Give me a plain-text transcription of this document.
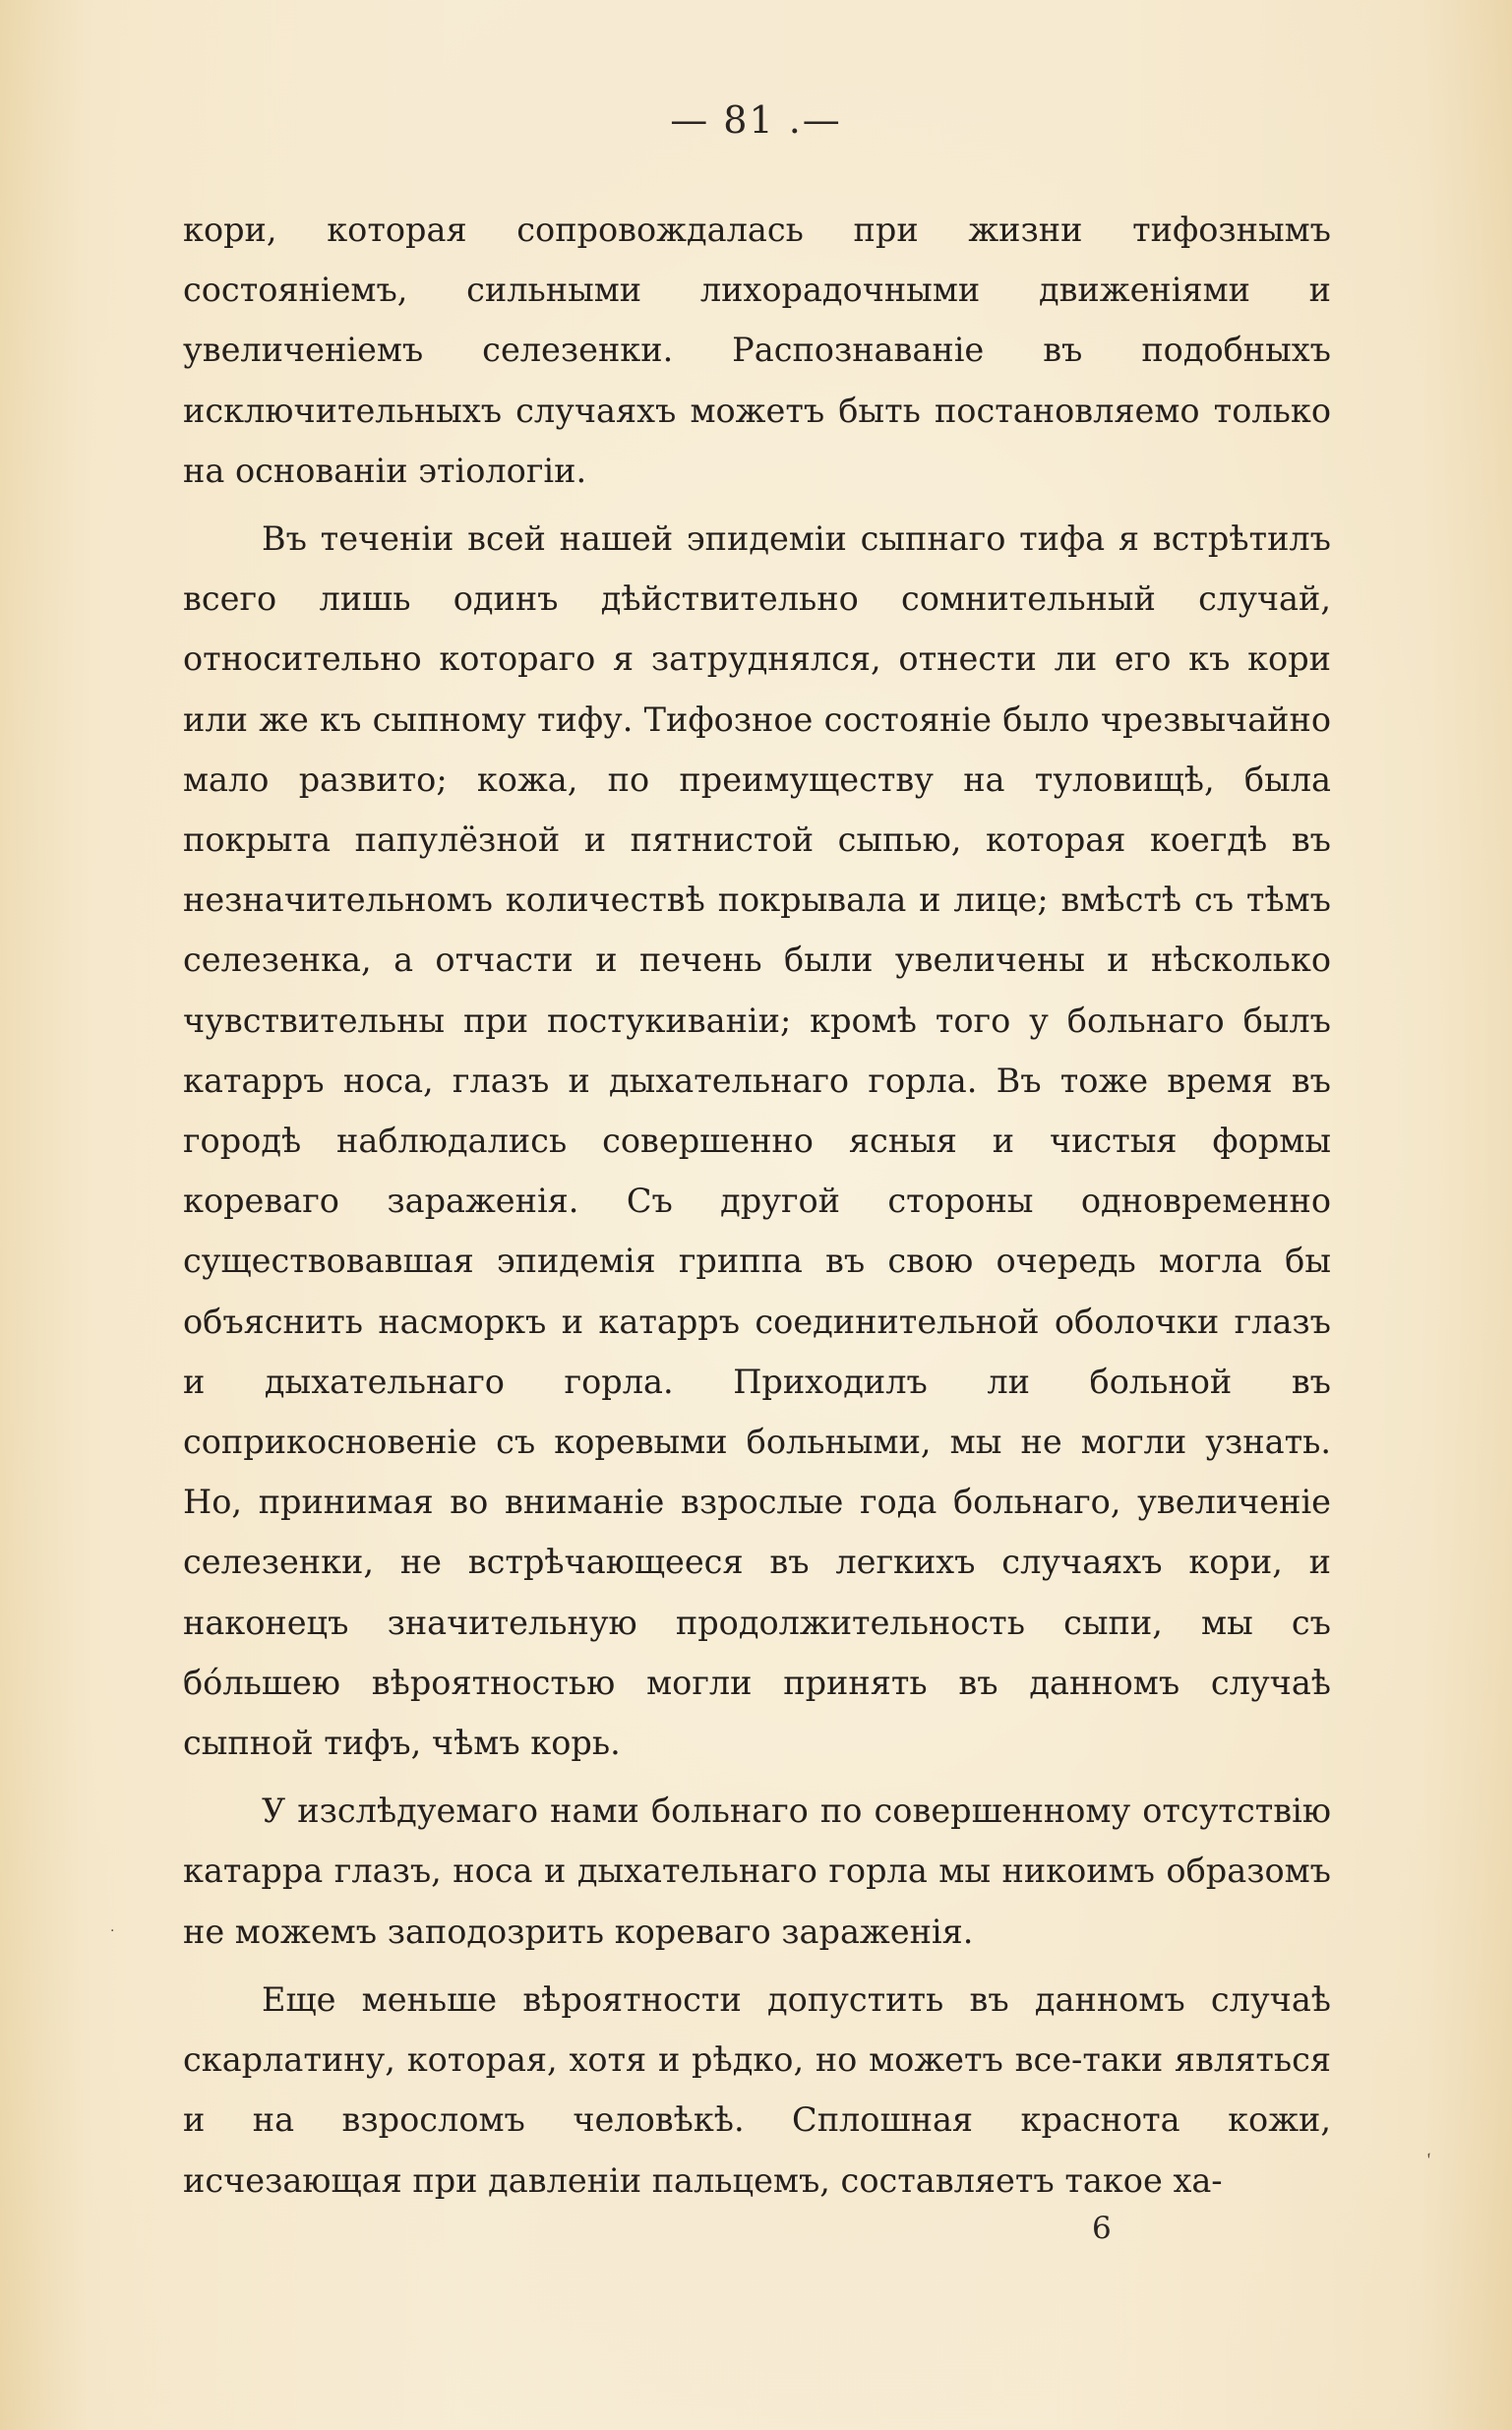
— 81 .—

кори, которая сопровождалась при жизни тифознымъ состояніемъ, сильными лихорадочными движеніями и увеличеніемъ селезенки. Распознаваніе въ подобныхъ исключительныхъ случаяхъ можетъ быть постановляемо только на основаніи этіологіи.

Въ теченіи всей нашей эпидеміи сыпнаго тифа я встрѣтилъ всего лишь одинъ дѣйствительно сомнительный случай, относительно котораго я затруднялся, отнести ли его къ кори или же къ сыпному тифу. Тифозное состояніе было чрезвычайно мало развито; кожа, по преимуществу на туловищѣ, была покрыта папулёзной и пятнистой сыпью, которая коегдѣ въ незначительномъ количествѣ покрывала и лице; вмѣстѣ съ тѣмъ селезенка, а отчасти и печень были увеличены и нѣсколько чувствительны при постукиваніи; кромѣ того у больнаго былъ катарръ носа, глазъ и дыхательнаго горла. Въ тоже время въ городѣ наблюдались совершенно ясныя и чистыя формы кореваго зараженія. Съ другой стороны одновременно существовавшая эпидемія гриппа въ свою очередь могла бы объяснить насморкъ и катарръ соединительной оболочки глазъ и дыхательнаго горла. Приходилъ ли больной въ соприкосновеніе съ коревыми больными, мы не могли узнать. Но, принимая во вниманіе взрослые года больнаго, увеличеніе селезенки, не встрѣчающееся въ легкихъ случаяхъ кори, и наконецъ значительную продолжительность сыпи, мы съ бо́льшею вѣроятностью могли принять въ данномъ случаѣ сыпной тифъ, чѣмъ корь.

У изслѣдуемаго нами больнаго по совершенному отсутствію катарра глазъ, носа и дыхательнаго горла мы никоимъ образомъ не можемъ заподозрить кореваго зараженія.

Еще меньше вѣроятности допустить въ данномъ случаѣ скарлатину, которая, хотя и рѣдко, но можетъ все-таки являться и на взросломъ человѣкѣ. Сплошная краснота кожи, исчезающая при давленіи пальцемъ, составляетъ такое ха-

6
′
·
